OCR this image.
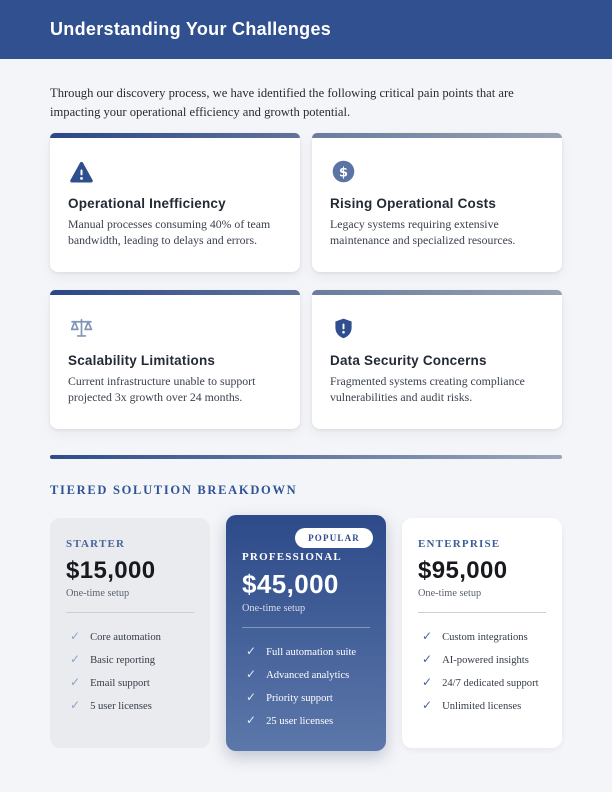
Understanding Your Challenges

Through our discovery process, we have identified the following critical pain points that are impacting your operational efficiency and growth potential.

Operational Inefficiency

Manual processes consuming 40% of team bandwidth, leading to delays and errors.

$
Rising Operational Costs

Legacy systems requiring extensive maintenance and specialized resources.

Scalability Limitations

Current infrastructure unable to support projected 3x growth over 24 months.

Data Security Concerns

Fragmented systems creating compliance vulnerabilities and audit risks.

TIERED SOLUTION BREAKDOWN
STARTER
$15,000
One-time setup
✓ Core automation
✓ Basic reporting
✓ Email support
✓ 5 user licenses
POPULAR
PROFESSIONAL
$45,000
One-time setup
✓ Full automation suite
✓ Advanced analytics
✓ Priority support
✓ 25 user licenses
ENTERPRISE
$95,000
One-time setup
✓ Custom integrations
✓ AI-powered insights
✓ 24/7 dedicated support
✓ Unlimited licenses
